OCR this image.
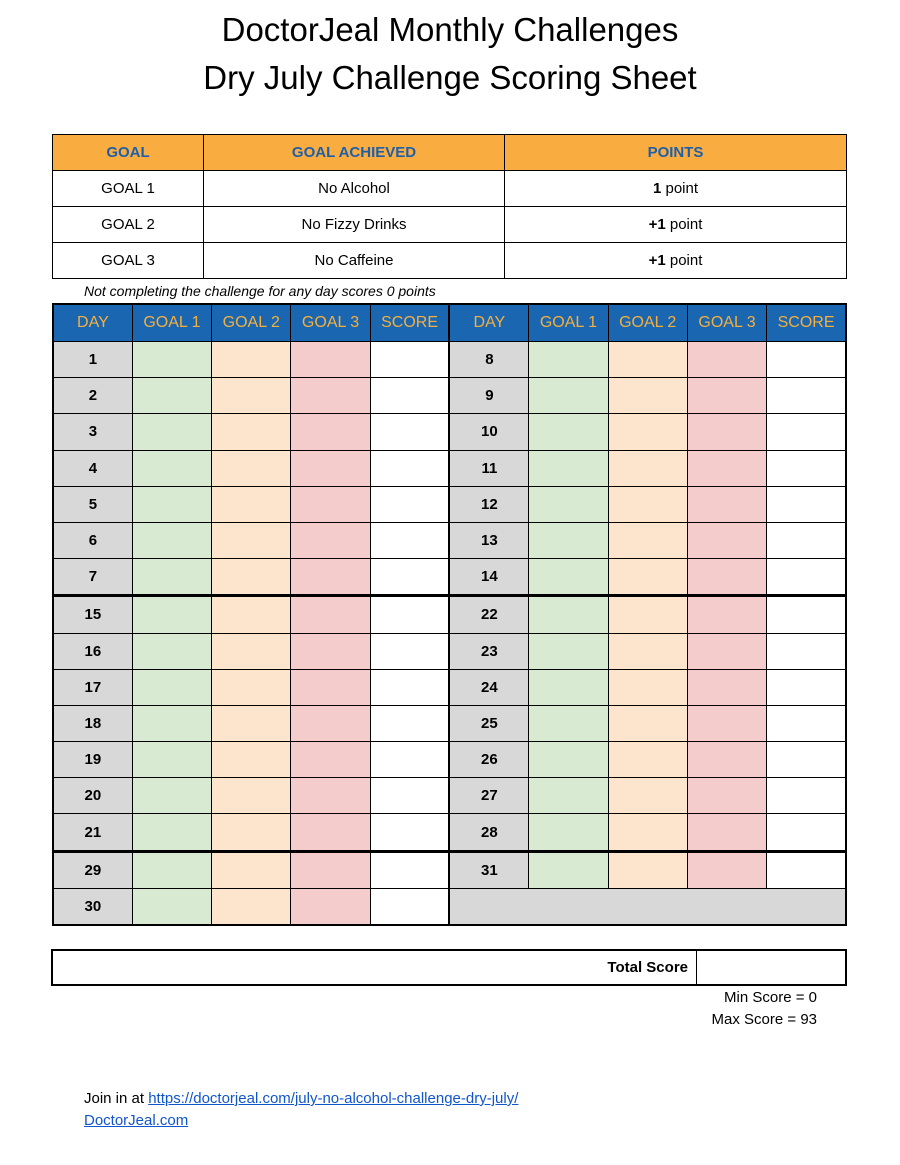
DoctorJeal Monthly Challenges
Dry July Challenge Scoring Sheet
GOAL	GOAL ACHIEVED	POINTS
GOAL 1	No Alcohol	1 point
GOAL 2	No Fizzy Drinks	+1 point
GOAL 3	No Caffeine	+1 point
Not completing the challenge for any day scores 0 points
DAY	GOAL 1	GOAL 2	GOAL 3	SCORE	DAY	GOAL 1	GOAL 2	GOAL 3	SCORE
1					8				
2					9				
3					10				
4					11				
5					12				
6					13				
7					14				
15					22				
16					23				
17					24				
18					25				
19					26				
20					27				
21					28				
29					31				
30									
Total Score	
Min Score = 0
Max Score = 93
Join in at https://doctorjeal.com/july-no-alcohol-challenge-dry-july/
DoctorJeal.com
